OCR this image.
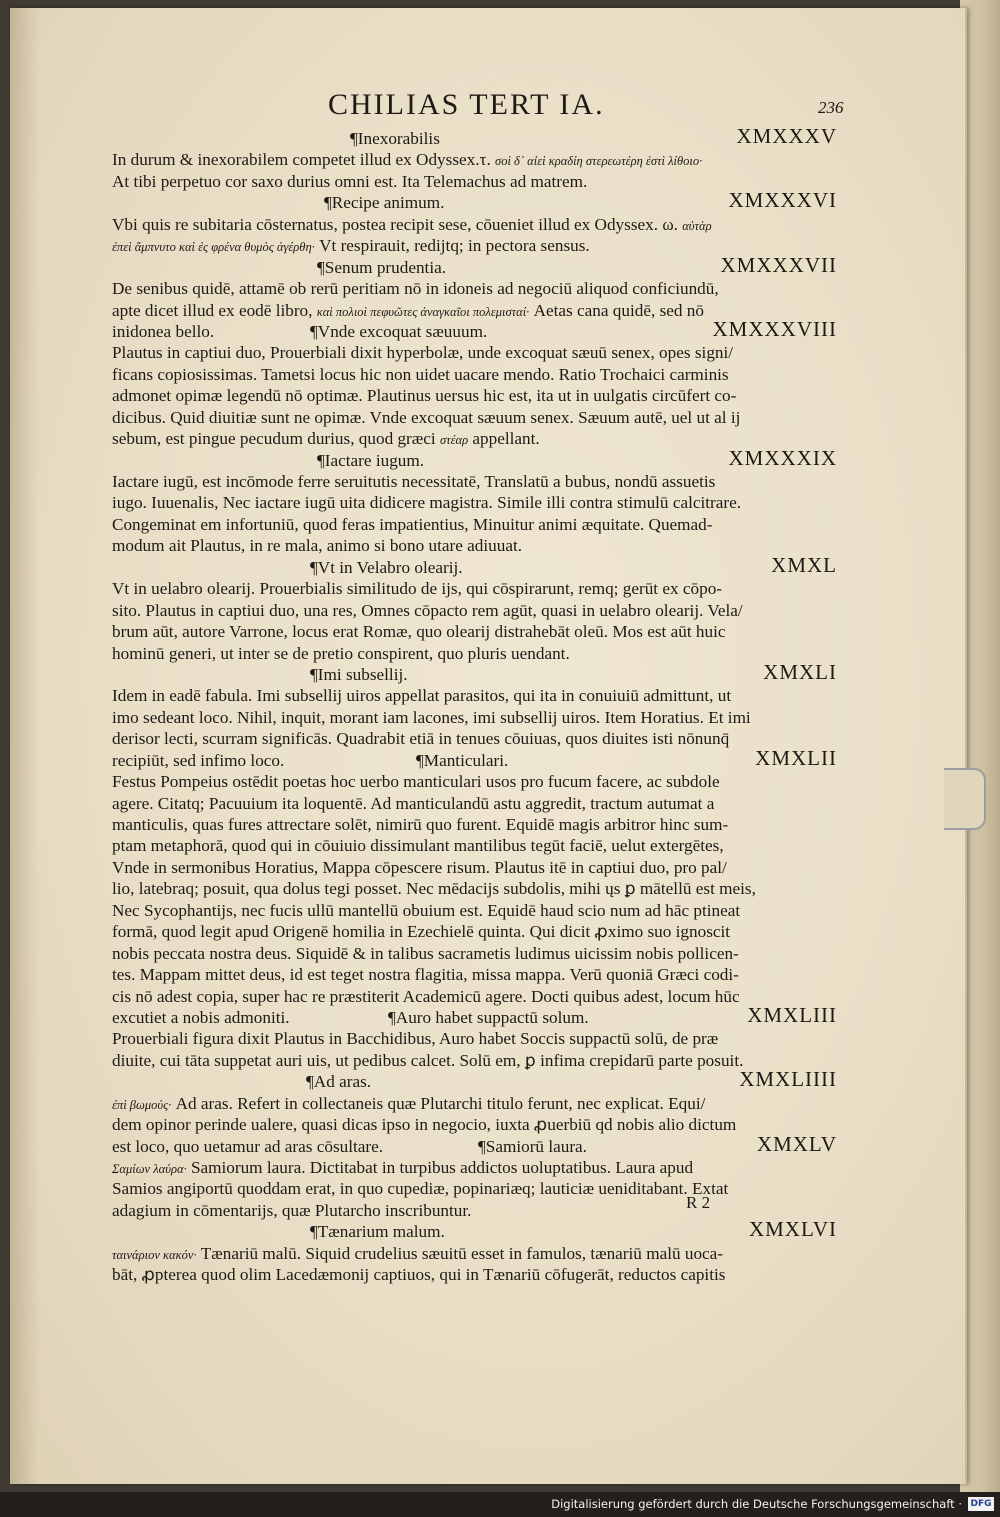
CHILIAS TERT IA.	236
¶Inexorabilis	XMXXXV
In durum & inexorabilem competet illud ex Odyssex.τ. σοὶ δ᾽ αἰεὶ κραδίη στερεωτέρη ἐστὶ λίθοιο·
At tibi perpetuo cor saxo durius omni est. Ita Telemachus ad matrem.
¶Recipe animum.	XMXXXVI
Vbi quis re subitaria cōsternatus, postea recipit sese, cōueniet illud ex Odyssex. ω. αὐτὰρ
ἐπεὶ ἄμπνυτο καὶ ἐς φρένα θυμὸς ἀγέρθη· Vt respirauit, redijtq; in pectora sensus.
¶Senum prudentia.	XMXXXVII
De senibus quidē, attamē ob rerū peritiam nō in idoneis ad negociū aliquod conficiundū,
apte dicet illud ex eodē libro, καὶ πολιοὶ πεφυῶτες ἀναγκαῖοι πολεμισταί· Aetas cana quidē, sed nō
inidonea bello.	¶Vnde excoquat sæuuum.	XMXXXVIII
Plautus in captiui duo, Prouerbiali dixit hyperbolæ, unde excoquat sæuū senex, opes signi/
ficans copiosissimas. Tametsi locus hic non uidet uacare mendo. Ratio Trochaici carminis
admonet opimæ legendū nō optimæ. Plautinus uersus hic est, ita ut in uulgatis circūfert co-
dicibus. Quid diuitiæ sunt ne opimæ. Vnde excoquat sæuum senex. Sæuum autē, uel ut al ij
sebum, est pingue pecudum durius, quod græci στέαρ appellant.
¶Iactare iugum.	XMXXXIX
Iactare iugū, est incōmode ferre seruitutis necessitatē, Translatū a bubus, nondū assuetis
iugo. Iuuenalis, Nec iactare iugū uita didicere magistra. Simile illi contra stimulū calcitrare.
Congeminat em infortuniū, quod feras impatientius, Minuitur animi æquitate. Quemad-
modum ait Plautus, in re mala, animo si bono utare adiuuat.
¶Vt in Velabro olearij.	XMXL
Vt in uelabro olearij. Prouerbialis similitudo de ijs, qui cōspirarunt, remq; gerūt ex cōpo-
sito. Plautus in captiui duo, una res, Omnes cōpacto rem agūt, quasi in uelabro olearij. Vela/
brum aūt, autore Varrone, locus erat Romæ, quo olearij distrahebāt oleū. Mos est aūt huic
hominū generi, ut inter se de pretio conspirent, quo pluris uendant.
¶Imi subsellij.	XMXLI
Idem in eadē fabula. Imi subsellij uiros appellat parasitos, qui ita in conuiuiū admittunt, ut
imo sedeant loco. Nihil, inquit, morant iam lacones, imi subsellij uiros. Item Horatius. Et imi
derisor lecti, scurram significās. Quadrabit etiā in tenues cōuiuas, quos diuites isti nōnunq̄
recipiūt, sed infimo loco.	¶Manticulari.	XMXLII
Festus Pompeius ostēdit poetas hoc uerbo manticulari usos pro fucum facere, ac subdole
agere. Citatq; Pacuuium ita loquentē. Ad manticulandū astu aggredit, tractum autumat a
manticulis, quas fures attrectare solēt, nimirū quo furent. Equidē magis arbitror hinc sum-
ptam metaphorā, quod qui in cōuiuio dissimulant mantilibus tegūt faciē, uelut extergētes,
Vnde in sermonibus Horatius, Mappa cōpescere risum. Plautus itē in captiui duo, pro pal/
lio, latebraq; posuit, qua dolus tegi posset. Nec mēdacijs subdolis, mihi ųs ꝑ mātellū est meis,
Nec Sycophantijs, nec fucis ullū mantellū obuium est. Equidē haud scio num ad hāc ptineat
formā, quod legit apud Origenē homilia in Ezechielē quinta. Qui dicit ꝓximo suo ignoscit
nobis peccata nostra deus. Siquidē & in talibus sacrametis ludimus uicissim nobis pollicen-
tes. Mappam mittet deus, id est teget nostra flagitia, missa mappa. Verū quoniā Græci codi-
cis nō adest copia, super hac re præstiterit Academicū agere. Docti quibus adest, locum hūc
excutiet a nobis admoniti.	¶Auro habet suppactū solum.	XMXLIII
Prouerbiali figura dixit Plautus in Bacchidibus, Auro habet Soccis suppactū solū, de præ
diuite, cui tāta suppetat auri uis, ut pedibus calcet. Solū em, ꝑ infima crepidarū parte posuit.
¶Ad aras.	XMXLIIII
ἐπὶ βωμούς· Ad aras. Refert in collectaneis quæ Plutarchi titulo ferunt, nec explicat. Equi/
dem opinor perinde ualere, quasi dicas ipso in negocio, iuxta ꝓuerbiū qd nobis alio dictum
est loco, quo uetamur ad aras cōsultare.	¶Samiorū laura.	XMXLV
Σαμίων λαύρα· Samiorum laura. Dictitabat in turpibus addictos uoluptatibus. Laura apud
Samios angiportū quoddam erat, in quo cupediæ, popinariæq; lauticiæ ueniditabant. Extat
adagium in cōmentarijs, quæ Plutarcho inscribuntur.
¶Tænarium malum.	XMXLVI
ταινάριον κακόν· Tænariū malū. Siquid crudelius sæuitū esset in famulos, tænariū malū uoca-
bāt, ꝓpterea quod olim Lacedæmonij captiuos, qui in Tænariū cōfugerāt, reductos capitis
R 2
Digitalisierung gefördert durch die Deutsche Forschungsgemeinschaft · DFG
